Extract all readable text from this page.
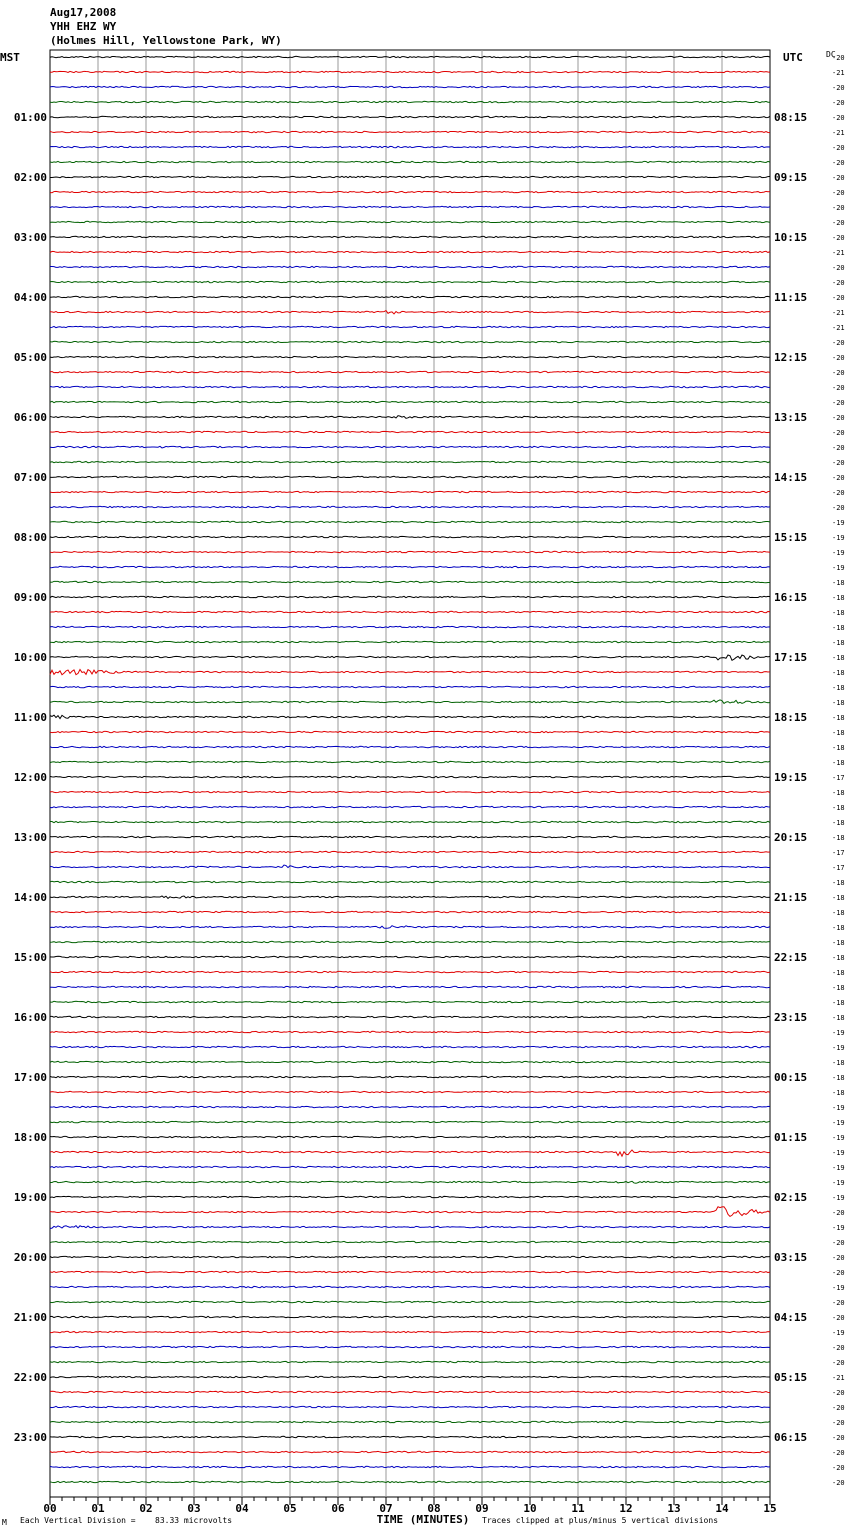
Aug17,2008
YHH EHZ WY
(Holmes Hill, Yellowstone Park, WY)
MST	UTC	DC
TIME (MINUTES)
-20
-21
-20
-20
-20
-21
-20
-20
-20
-20
-20
-20
-20
-21
-20
-20
-20
-21
-21
-20
-20
-20
-20
-20
-20
-20
-20
-20
-20
-20
-20
-19
-19
-19
-19
-18
-18
-18
-18
-18
-18
-18
-18
-18
-18
-18
-18
-18
-17
-18
-18
-18
-18
-17
-17
-18
-18
-18
-18
-18
-18
-18
-18
-18
-18
-19
-19
-18
-18
-18
-19
-19
-19
-19
-19
-19
-19
-20
-19
-20
-20
-20
-19
-20
-20
-19
-20
-20
-21
-20
-20
-20
-20
-20
-20
-20
01:00
02:00
03:00
04:00
05:00
06:00
07:00
08:00
09:00
10:00
11:00
12:00
13:00
14:00
15:00
16:00
17:00
18:00
19:00
20:00
21:00
22:00
23:00
08:15
09:15
10:15
11:15
12:15
13:15
14:15
15:15
16:15
17:15
18:15
19:15
20:15
21:15
22:15
23:15
00:15
01:15
02:15
03:15
04:15
05:15
06:15
00	01	02	03	04	05	06	07	08	09	10	11	12	13	14	15
M Each Vertical Division = 83.33 microvolts	Traces clipped at plus/minus 5 vertical divisions
